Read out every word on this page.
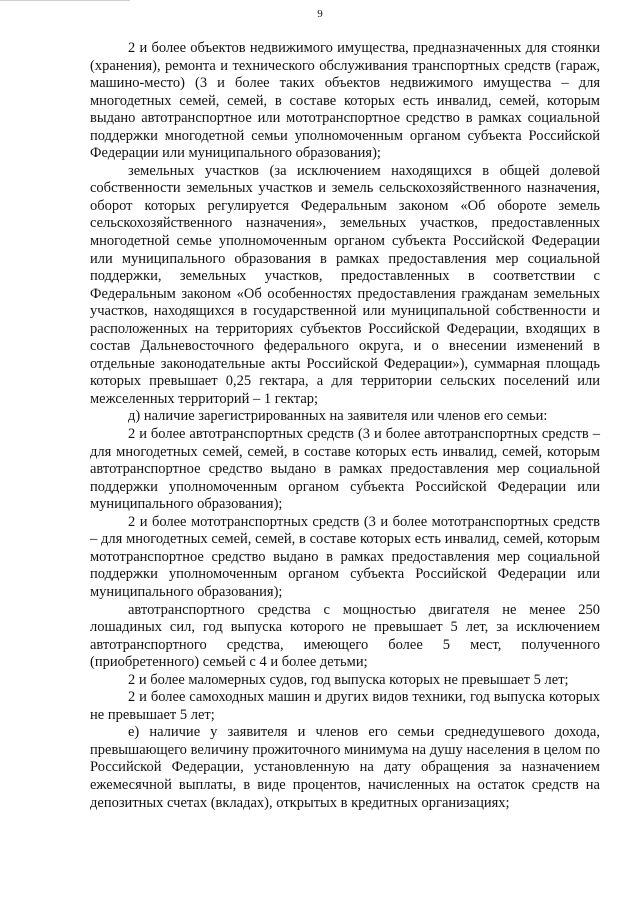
9

2 и более объектов недвижимого имущества, предназначенных для стоянки (хранения), ремонта и технического обслуживания транспортных средств (гараж, машино-место) (3 и более таких объектов недвижимого имущества – для многодетных семей, семей, в составе которых есть инвалид, семей, которым выдано автотранспортное или мототранспортное средство в рамках социальной поддержки многодетной семьи уполномоченным органом субъекта Российской Федерации или муниципального образования);

земельных участков (за исключением находящихся в общей долевой собственности земельных участков и земель сельскохозяйственного назначения, оборот которых регулируется Федеральным законом «Об обороте земель сельскохозяйственного назначения», земельных участков, предоставленных многодетной семье уполномоченным органом субъекта Российской Федерации или муниципального образования в рамках предоставления мер социальной поддержки, земельных участков, предоставленных в соответствии с Федеральным законом «Об особенностях предоставления гражданам земельных участков, находящихся в государственной или муниципальной собственности и расположенных на территориях субъектов Российской Федерации, входящих в состав Дальневосточного федерального округа, и о внесении изменений в отдельные законодательные акты Российской Федерации»), суммарная площадь которых превышает 0,25 гектара, а для территории сельских поселений или межселенных территорий – 1 гектар;

д) наличие зарегистрированных на заявителя или членов его семьи:

2 и более автотранспортных средств (3 и более автотранспортных средств – для многодетных семей, семей, в составе которых есть инвалид, семей, которым автотранспортное средство выдано в рамках предоставления мер социальной поддержки уполномоченным органом субъекта Российской Федерации или муниципального образования);

2 и более мототранспортных средств (3 и более мототранспортных средств – для многодетных семей, семей, в составе которых есть инвалид, семей, которым мототранспортное средство выдано в рамках предоставления мер социальной поддержки уполномоченным органом субъекта Российской Федерации или муниципального образования);

автотранспортного средства с мощностью двигателя не менее 250 лошадиных сил, год выпуска которого не превышает 5 лет, за исключением автотранспортного средства, имеющего более 5 мест, полученного (приобретенного) семьей с 4 и более детьми;

2 и более маломерных судов, год выпуска которых не превышает 5 лет;

2 и более самоходных машин и других видов техники, год выпуска которых не превышает 5 лет;

е) наличие у заявителя и членов его семьи среднедушевого дохода, превышающего величину прожиточного минимума на душу населения в целом по Российской Федерации, установленную на дату обращения за назначением ежемесячной выплаты, в виде процентов, начисленных на остаток средств на депозитных счетах (вкладах), открытых в кредитных организациях;
